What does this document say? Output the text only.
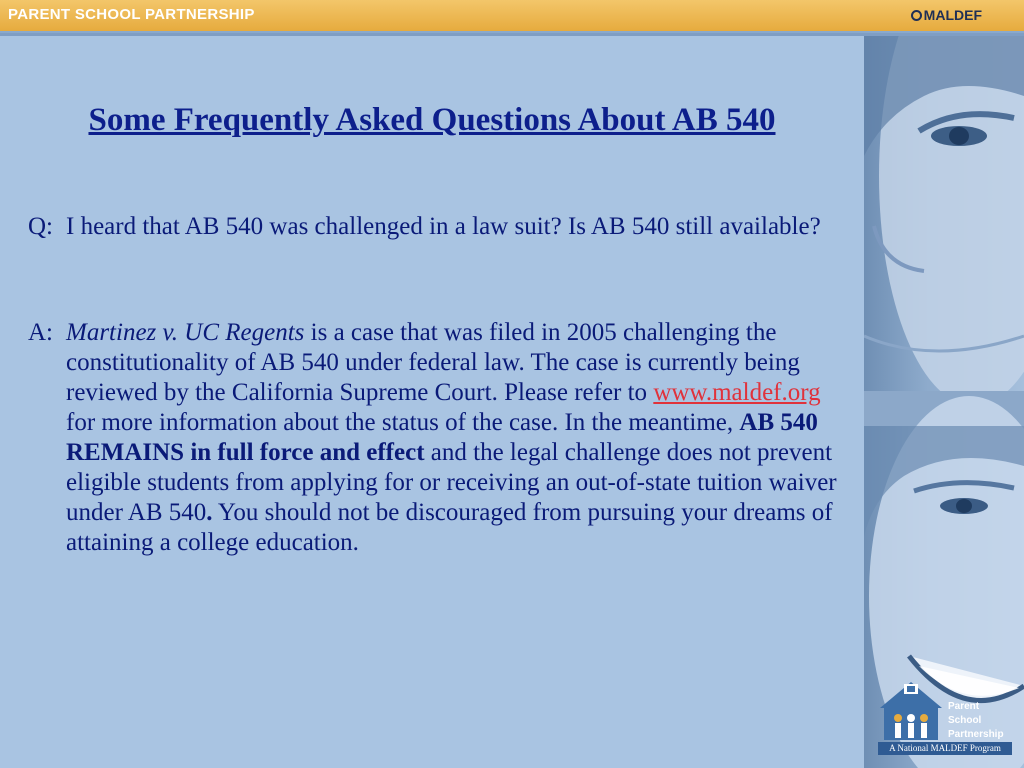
PARENT SCHOOL PARTNERSHIP	MALDEF
Some Frequently Asked Questions About AB 540
Q: I heard that AB 540 was challenged in a law suit? Is AB 540 still available?
A: Martinez v. UC Regents is a case that was filed in 2005 challenging the constitutionality of AB 540 under federal law. The case is currently being reviewed by the California Supreme Court. Please refer to www.maldef.org for more information about the status of the case. In the meantime, AB 540 REMAINS in full force and effect and the legal challenge does not prevent eligible students from applying for or receiving an out-of-state tuition waiver under AB 540. You should not be discouraged from pursuing your dreams of attaining a college education.
Parent
School
Partnership
A National MALDEF Program
